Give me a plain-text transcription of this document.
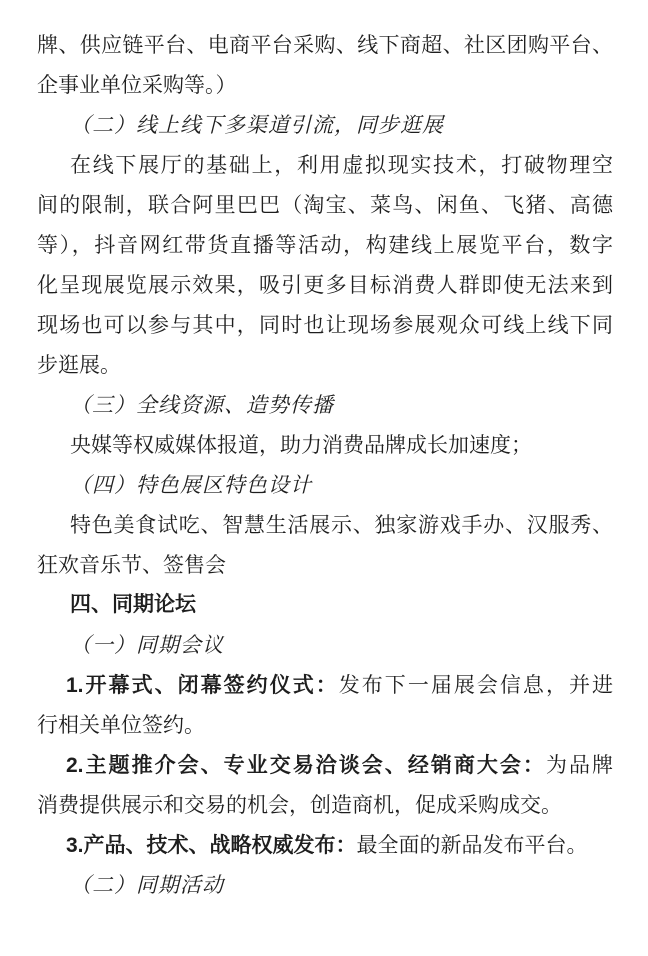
牌、供应链平台、电商平台采购、线下商超、社区团购平台、
企事业单位采购等。）
（二）线上线下多渠道引流，同步逛展
在线下展厅的基础上，利用虚拟现实技术，打破物理空
间的限制，联合阿里巴巴（淘宝、菜鸟、闲鱼、飞猪、高德
等），抖音网红带货直播等活动，构建线上展览平台，数字
化呈现展览展示效果，吸引更多目标消费人群即使无法来到
现场也可以参与其中，同时也让现场参展观众可线上线下同
步逛展。
（三）全线资源、造势传播
央媒等权威媒体报道，助力消费品牌成长加速度；
（四）特色展区特色设计
特色美食试吃、智慧生活展示、独家游戏手办、汉服秀、
狂欢音乐节、签售会
四、同期论坛
（一）同期会议
1.开幕式、闭幕签约仪式：发布下一届展会信息，并进
行相关单位签约。
2.主题推介会、专业交易洽谈会、经销商大会：为品牌
消费提供展示和交易的机会，创造商机，促成采购成交。
3.产品、技术、战略权威发布：最全面的新品发布平台。
（二）同期活动
